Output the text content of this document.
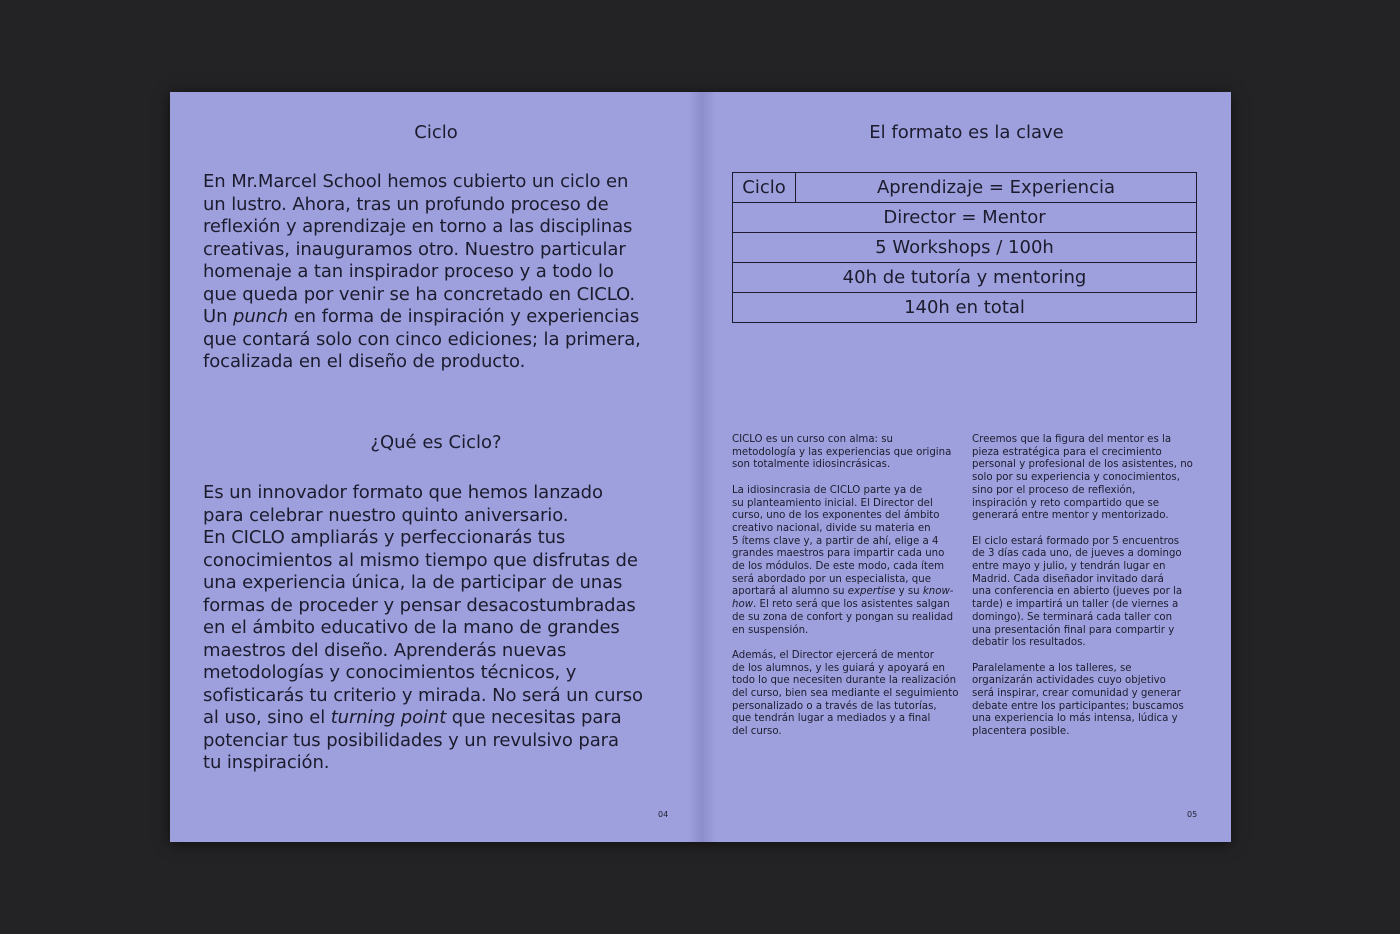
Ciclo

En Mr.Marcel School hemos cubierto un ciclo en
un lustro. Ahora, tras un profundo proceso de
reflexión y aprendizaje en torno a las disciplinas
creativas, inauguramos otro. Nuestro particular
homenaje a tan inspirador proceso y a todo lo
que queda por venir se ha concretado en CICLO.
Un punch en forma de inspiración y experiencias
que contará solo con cinco ediciones; la primera,
focalizada en el diseño de producto.

¿Qué es Ciclo?

Es un innovador formato que hemos lanzado
para celebrar nuestro quinto aniversario.
En CICLO ampliarás y perfeccionarás tus
conocimientos al mismo tiempo que disfrutas de
una experiencia única, la de participar de unas
formas de proceder y pensar desacostumbradas
en el ámbito educativo de la mano de grandes
maestros del diseño. Aprenderás nuevas
metodologías y conocimientos técnicos, y
sofisticarás tu criterio y mirada. No será un curso
al uso, sino el turning point que necesitas para
potenciar tus posibilidades y un revulsivo para
tu inspiración.

04
El formato es la clave
Ciclo	Aprendizaje = Experiencia
Director = Mentor
5 Workshops / 100h
40h de tutoría y mentoring
140h en total

CICLO es un curso con alma: su
metodología y las experiencias que origina
son totalmente idiosincrásicas.

La idiosincrasia de CICLO parte ya de
su planteamiento inicial. El Director del
curso, uno de los exponentes del ámbito
creativo nacional, divide su materia en
5 ítems clave y, a partir de ahí, elige a 4
grandes maestros para impartir cada uno
de los módulos. De este modo, cada ítem
será abordado por un especialista, que
aportará al alumno su expertise y su know-
how. El reto será que los asistentes salgan
de su zona de confort y pongan su realidad
en suspensión.

Además, el Director ejercerá de mentor
de los alumnos, y les guiará y apoyará en
todo lo que necesiten durante la realización
del curso, bien sea mediante el seguimiento
personalizado o a través de las tutorías,
que tendrán lugar a mediados y a final
del curso.

Creemos que la figura del mentor es la
pieza estratégica para el crecimiento
personal y profesional de los asistentes, no
solo por su experiencia y conocimientos,
sino por el proceso de reflexión,
inspiración y reto compartido que se
generará entre mentor y mentorizado.

El ciclo estará formado por 5 encuentros
de 3 días cada uno, de jueves a domingo
entre mayo y julio, y tendrán lugar en
Madrid. Cada diseñador invitado dará
una conferencia en abierto (jueves por la
tarde) e impartirá un taller (de viernes a
domingo). Se terminará cada taller con
una presentación final para compartir y
debatir los resultados.

Paralelamente a los talleres, se
organizarán actividades cuyo objetivo
será inspirar, crear comunidad y generar
debate entre los participantes; buscamos
una experiencia lo más intensa, lúdica y
placentera posible.

05
